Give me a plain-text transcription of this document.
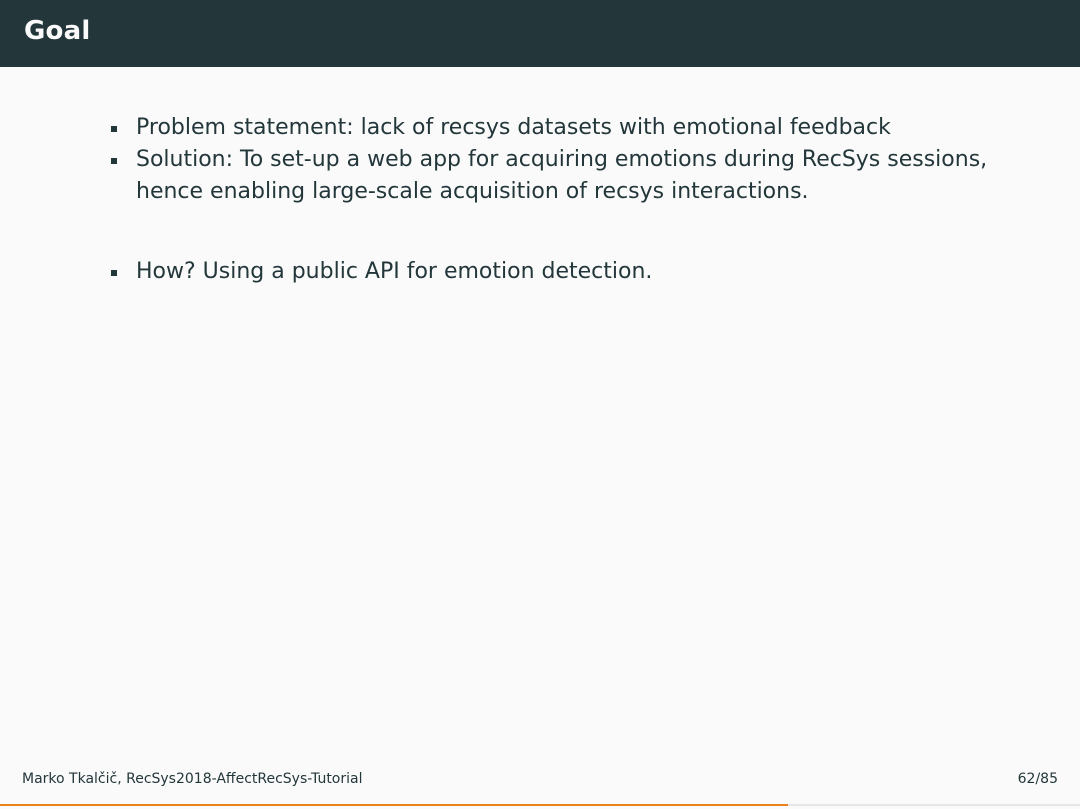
Goal
Problem statement: lack of recsys datasets with emotional feedback
Solution: To set-up a web app for acquiring emotions during RecSys sessions, hence enabling large-scale acquisition of recsys interactions.
How? Using a public API for emotion detection.
Marko Tkalčič, RecSys2018-AffectRecSys-Tutorial	62/85
